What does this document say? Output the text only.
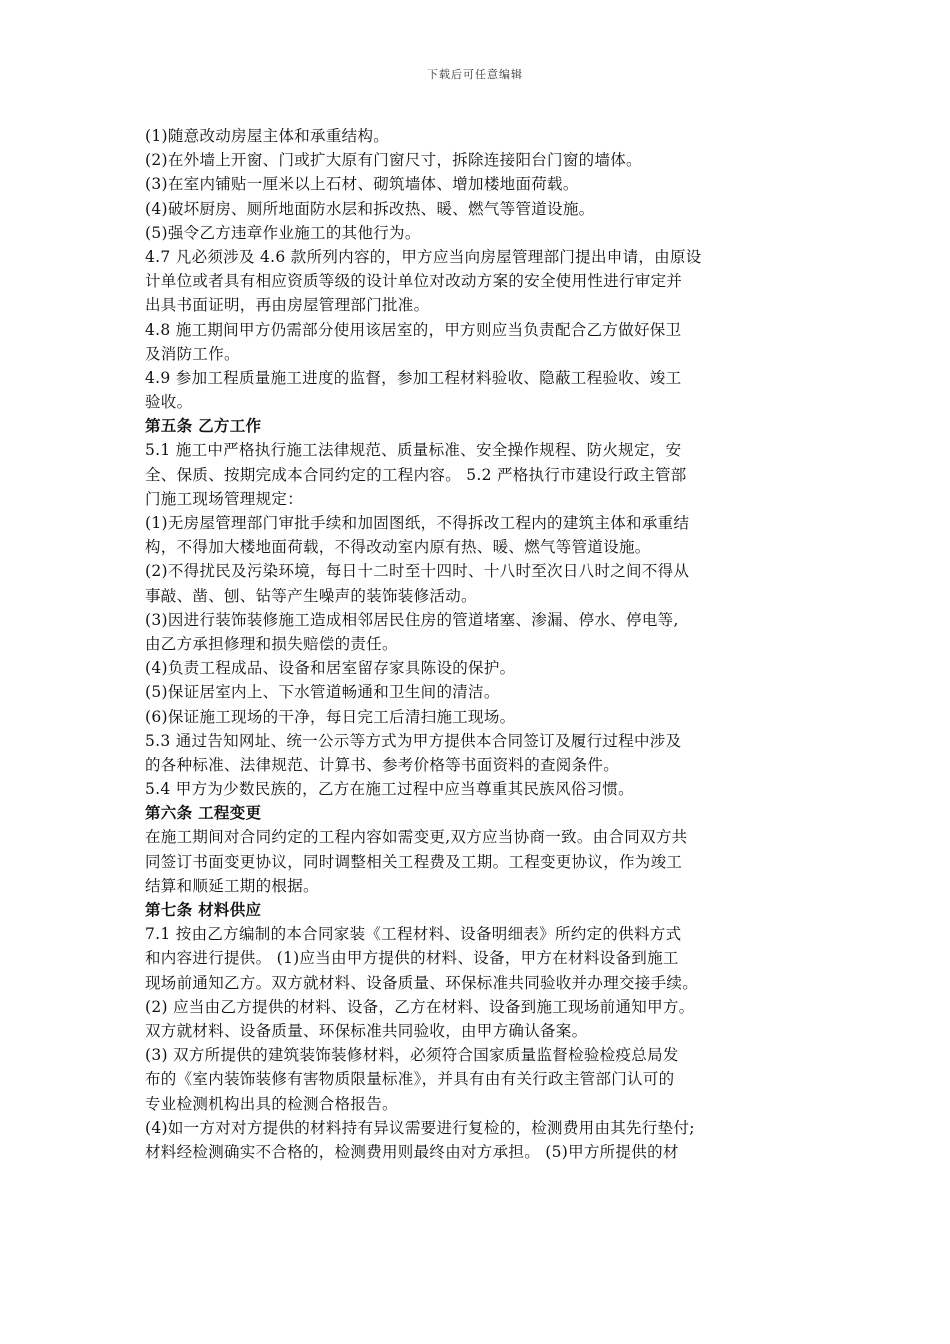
下载后可任意编辑
(1)随意改动房屋主体和承重结构。
(2)在外墙上开窗、门或扩大原有门窗尺寸，拆除连接阳台门窗的墙体。
(3)在室内铺贴一厘米以上石材、砌筑墙体、增加楼地面荷载。
(4)破坏厨房、厕所地面防水层和拆改热、暖、燃气等管道设施。
(5)强令乙方违章作业施工的其他行为。
4.7 凡必须涉及 4.6 款所列内容的，甲方应当向房屋管理部门提出申请，由原设
计单位或者具有相应资质等级的设计单位对改动方案的安全使用性进行审定并
出具书面证明，再由房屋管理部门批准。
4.8 施工期间甲方仍需部分使用该居室的，甲方则应当负责配合乙方做好保卫
及消防工作。
4.9 参加工程质量施工进度的监督，参加工程材料验收、隐蔽工程验收、竣工
验收。
第五条 乙方工作
5.1 施工中严格执行施工法律规范、质量标准、安全操作规程、防火规定，安
全、保质、按期完成本合同约定的工程内容。 5.2 严格执行市建设行政主管部
门施工现场管理规定：
(1)无房屋管理部门审批手续和加固图纸，不得拆改工程内的建筑主体和承重结
构，不得加大楼地面荷载，不得改动室内原有热、暖、燃气等管道设施。
(2)不得扰民及污染环境，每日十二时至十四时、十八时至次日八时之间不得从
事敲、凿、刨、钻等产生噪声的装饰装修活动。
(3)因进行装饰装修施工造成相邻居民住房的管道堵塞、渗漏、停水、停电等,
由乙方承担修理和损失赔偿的责任。
(4)负责工程成品、设备和居室留存家具陈设的保护。
(5)保证居室内上、下水管道畅通和卫生间的清洁。
(6)保证施工现场的干净，每日完工后清扫施工现场。
5.3 通过告知网址、统一公示等方式为甲方提供本合同签订及履行过程中涉及
的各种标准、法律规范、计算书、参考价格等书面资料的查阅条件。
5.4 甲方为少数民族的，乙方在施工过程中应当尊重其民族风俗习惯。
第六条 工程变更
在施工期间对合同约定的工程内容如需变更,双方应当协商一致。由合同双方共
同签订书面变更协议，同时调整相关工程费及工期。工程变更协议，作为竣工
结算和顺延工期的根据。
第七条 材料供应
7.1 按由乙方编制的本合同家装《工程材料、设备明细表》所约定的供料方式
和内容进行提供。 (1)应当由甲方提供的材料、设备，甲方在材料设备到施工
现场前通知乙方。双方就材料、设备质量、环保标准共同验收并办理交接手续。
(2) 应当由乙方提供的材料、设备，乙方在材料、设备到施工现场前通知甲方。
双方就材料、设备质量、环保标准共同验收，由甲方确认备案。
(3) 双方所提供的建筑装饰装修材料，必须符合国家质量监督检验检疫总局发
布的《室内装饰装修有害物质限量标准》，并具有由有关行政主管部门认可的
专业检测机构出具的检测合格报告。
(4)如一方对对方提供的材料持有异议需要进行复检的，检测费用由其先行垫付;
材料经检测确实不合格的，检测费用则最终由对方承担。 (5)甲方所提供的材
